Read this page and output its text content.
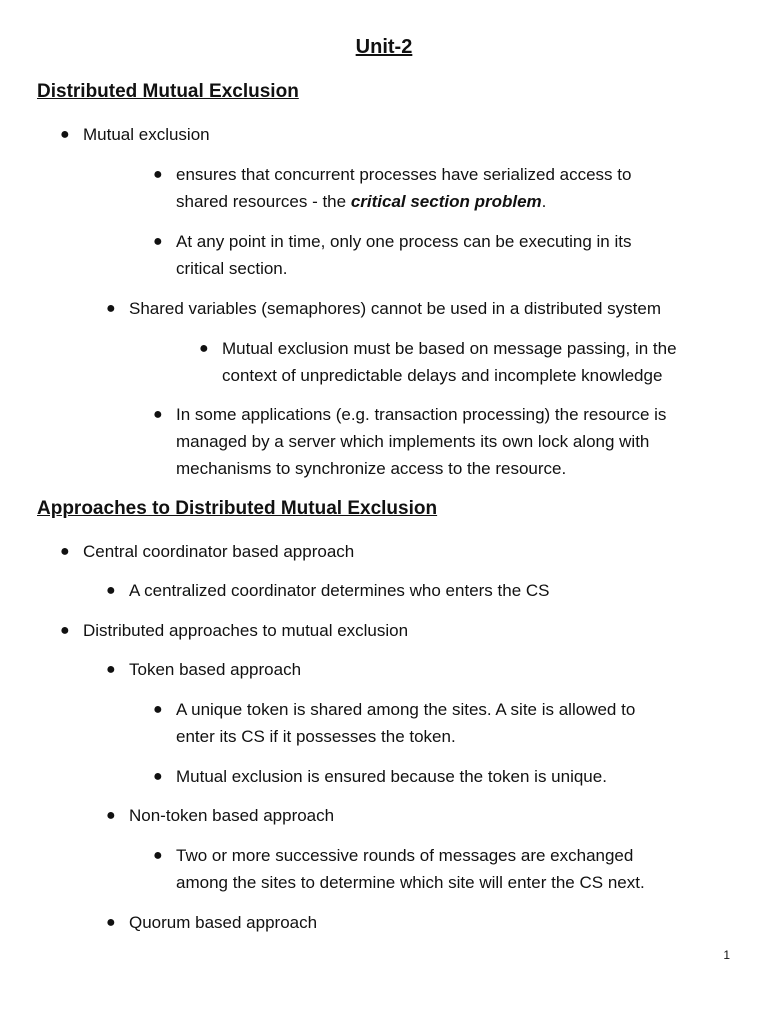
Unit-2
Distributed Mutual Exclusion
● Mutual exclusion
● ensures that concurrent processes have serialized access to
shared resources - the critical section problem.
● At any point in time, only one process can be executing in its
critical section.
● Shared variables (semaphores) cannot be used in a distributed system
● Mutual exclusion must be based on message passing, in the
context of unpredictable delays and incomplete knowledge
● In some applications (e.g. transaction processing) the resource is
managed by a server which implements its own lock along with
mechanisms to synchronize access to the resource.
Approaches to Distributed Mutual Exclusion
● Central coordinator based approach
● A centralized coordinator determines who enters the CS
● Distributed approaches to mutual exclusion
● Token based approach
● A unique token is shared among the sites. A site is allowed to
enter its CS if it possesses the token.
● Mutual exclusion is ensured because the token is unique.
● Non-token based approach
● Two or more successive rounds of messages are exchanged
among the sites to determine which site will enter the CS next.
● Quorum based approach
1
